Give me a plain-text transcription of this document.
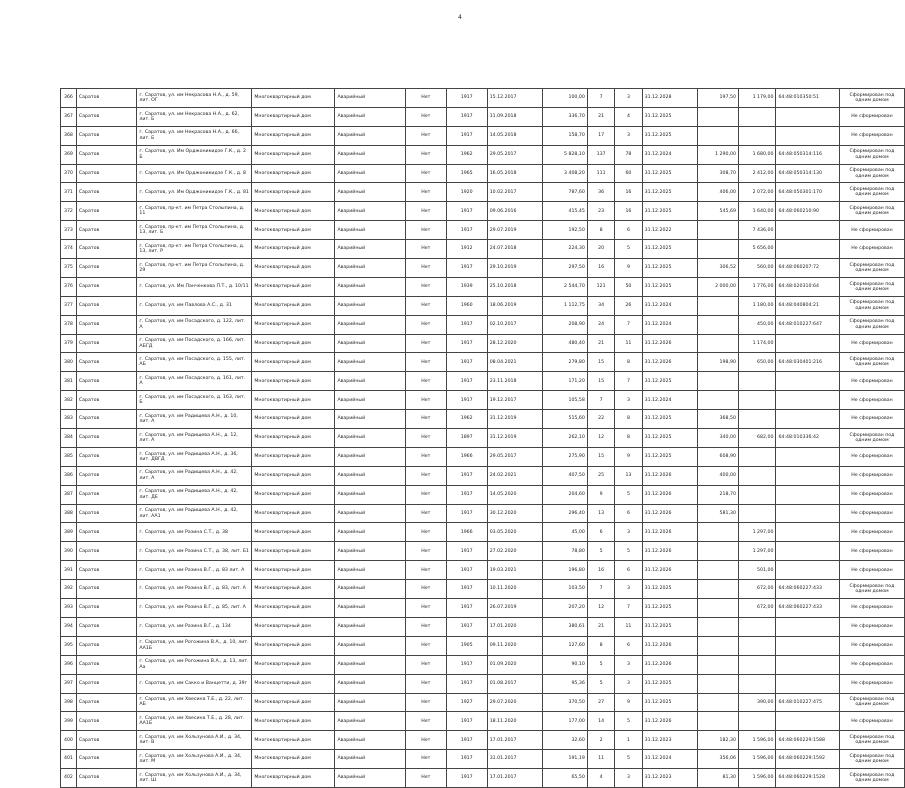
4
366	Саратов	г. Саратов, ул. им Некрасова Н.А., д. 59, лит. ОГ	Многоквартирный дом	Аварийный	Нет	1917	15.12.2017	100,00	7	3	31.12.2028	197,50	1 179,00	64:48:010350:51	Сформирован под одним домом
367	Саратов	г. Саратов, ул. им Некрасова Н.А., д. 62, лит. Б	Многоквартирный дом	Аварийный	Нет	1917	11.09.2018	336,70	21	4	31.12.2025				Не сформирован
368	Саратов	г. Саратов, ул. им Некрасова Н.А., д. 66, лит. Б	Многоквартирный дом	Аварийный	Нет	1917	14.05.2018	158,70	17	3	31.12.2025				Не сформирован
369	Саратов	г. Саратов, ул. Им Орджоникидзе Г.К., д. 2 Б	Многоквартирный дом	Аварийный	Нет	1962	29.05.2017	5 828,10	137	78	31.12.2024	1 290,00	1 680,00	64:48:050314:116	Сформирован под одним домом
370	Саратов	г. Саратов, ул. Им Орджоникидзе Г.К., д. 8	Многоквартирный дом	Аварийный	Нет	1965	16.05.2018	3 408,20	111	60	31.12.2025	308,70	2 412,00	64:48:050314:130	Сформирован под одним домом
371	Саратов	г. Саратов, ул. Им Орджоникидзе Г.К., д. 81	Многоквартирный дом	Аварийный	Нет	1920	10.02.2017	787,60	36	16	31.12.2025	406,00	2 072,00	64:48:050301:170	Сформирован под одним домом
372	Саратов	г. Саратов, пр-кт. им Петра Столыпина, д. 11	Многоквартирный дом	Аварийный	Нет	1917	09.06.2016	415,45	23	16	31.12.2025	545,69	1 640,00	64:48:060210:90	Сформирован под одним домом
373	Саратов	г. Саратов, пр-кт. им Петра Столыпина, д. 13, лит. Б	Многоквартирный дом	Аварийный	Нет	1917	29.07.2019	192,50	8	6	31.12.2022		7 436,00		Не сформирован
374	Саратов	г. Саратов, пр-кт. им Петра Столыпина, д. 13, лит. Р	Многоквартирный дом	Аварийный	Нет	1912	24.07.2018	224,30	20	5	31.12.2025		5 656,00		Не сформирован
375	Саратов	г. Саратов, пр-кт. им Петра Столыпина, д. 29	Многоквартирный дом	Аварийный	Нет	1917	29.10.2019	297,50	16	9	31.12.2025	306,52	560,00	64:48:060207:72	Сформирован под одним домом
376	Саратов	г. Саратов, ул. Им Панченкова П.Т., д. 10/11	Многоквартирный дом	Аварийный	Нет	1939	25.10.2018	2 544,70	121	50	31.12.2025	2 000,00	1 776,00	64:48:020310:64	Сформирован под одним домом
377	Саратов	г. Саратов, ул. им Павлова А.С., д. 31	Многоквартирный дом	Аварийный	Нет	1960	18.06.2019	1 112,75	34	26	31.12.2024		1 180,00	64:48:040804:21	Сформирован под одним домом
378	Саратов	г. Саратов, ул. им Посадского, д. 122, лит. А	Многоквартирный дом	Аварийный	Нет	1917	02.10.2017	208,90	24	7	31.12.2024		450,00	64:48:010227:647	Сформирован под одним домом
379	Саратов	г. Саратов, ул. им Посадского, д. 166, лит. АБГД	Многоквартирный дом	Аварийный	Нет	1917	28.12.2020	480,40	21	11	31.12.2026		1 174,00		Не сформирован
380	Саратов	г. Саратов, ул. им Посадского, д. 155, лит. АБ	Многоквартирный дом	Аварийный	Нет	1917	08.04.2021	279,80	15	8	31.12.2026	198,90	650,00	64:48:030401:216	Сформирован под одним домом
381	Саратов	г. Саратов, ул. им Посадского, д. 161, лит. А	Многоквартирный дом	Аварийный	Нет	1917	23.11.2018	171,20	15	7	31.12.2025				Не сформирован
382	Саратов	г. Саратов, ул. им Посадского, д. 163, лит. Б	Многоквартирный дом	Аварийный	Нет	1917	19.12.2017	105,58	7	3	31.12.2024				Не сформирован
383	Саратов	г. Саратов, ул. им Радищева А.Н., д. 10, лит. А	Многоквартирный дом	Аварийный	Нет	1962	31.12.2019	515,60	22	8	31.12.2025	368,50			Не сформирован
384	Саратов	г. Саратов, ул. им Радищева А.Н., д. 12, лит. А	Многоквартирный дом	Аварийный	Нет	1897	31.12.2019	262,10	12	8	31.12.2025	340,00	682,00	64:48:010336:42	Сформирован под одним домом
385	Саратов	г. Саратов, ул. им Радищева А.Н., д. 36, лит. ДВГД	Многоквартирный дом	Аварийный	Нет	1966	29.05.2017	275,90	15	9	31.12.2025	608,90			Не сформирован
386	Саратов	г. Саратов, ул. им Радищева А.Н., д. 42, лит. А	Многоквартирный дом	Аварийный	Нет	1917	24.02.2021	407,50	25	13	31.12.2026	400,00			Не сформирован
387	Саратов	г. Саратов, ул. им Радищева А.Н., д. 42, лит. ДЕ	Многоквартирный дом	Аварийный	Нет	1917	14.05.2020	204,60	9	5	31.12.2026	218,70			Не сформирован
388	Саратов	г. Саратов, ул. им Радищева А.Н., д. 42, лит. АА1	Многоквартирный дом	Аварийный	Нет	1917	30.12.2020	296,40	13	6	31.12.2026	581,30			Не сформирован
389	Саратов	г. Саратов, ул. им Разина С.Т., д. 38	Многоквартирный дом	Аварийный	Нет	1966	03.05.2020	45,00	6	3	31.12.2026		1 297,00		Не сформирован
390	Саратов	г. Саратов, ул. им Разина С.Т., д. 38, лит. Б1	Многоквартирный дом	Аварийный	Нет	1917	27.02.2020	78,80	5	5	31.12.2026		1 297,00		Не сформирован
391	Саратов	г. Саратов, ул. им Разина В.Г., д. 83 лит. А	Многоквартирный дом	Аварийный	Нет	1917	19.03.2021	196,80	16	6	31.12.2026		501,00		Не сформирован
392	Саратов	г. Саратов, ул. им Разина В.Г., д. 83, лит. А	Многоквартирный дом	Аварийный	Нет	1917	10.11.2020	103,50	7	3	31.12.2025		672,00	64:48:060227:433	Сформирован под одним домом
393	Саратов	г. Саратов, ул. им Разина В.Г., д. 85, лит. А	Многоквартирный дом	Аварийный	Нет	1917	26.07.2019	207,20	12	7	31.12.2025		672,00	64:48:060227:433	Не сформирован
394	Саратов	г. Саратов, ул. им Разина В.Г., д. 134	Многоквартирный дом	Аварийный	Нет	1917	17.01.2020	380,61	21	11	31.12.2025				Не сформирован
395	Саратов	г. Саратов, ул. им Рогожина В.А., д. 10, лит. АА1Б	Многоквартирный дом	Аварийный	Нет	1905	09.11.2020	127,60	8	6	31.12.2026				Не сформирован
396	Саратов	г. Саратов, ул. им Рогожина В.А., д. 13, лит. Аа	Многоквартирный дом	Аварийный	Нет	1917	01.09.2020	90,10	5	3	31.12.2026				Не сформирован
397	Саратов	г. Саратов, ул. им Сакко и Ванцетти, д. 39г	Многоквартирный дом	Аварийный	Нет	1917	01.08.2017	95,36	5	3	31.12.2025				Не сформирован
398	Саратов	г. Саратов, ул. им Хвесина Т.Е., д. 22, лит. АБ	Многоквартирный дом	Аварийный	Нет	1927	29.07.2020	370,50	27	9	31.12.2025		390,00	64:48:010227:475	Сформирован под одним домом
399	Саратов	г. Саратов, ул. им Хвесина Т.Е., д. 28, лит. АА1Б	Многоквартирный дом	Аварийный	Нет	1917	18.11.2020	177,00	14	5	31.12.2026				Не сформирован
400	Саратов	г. Саратов, ул. им Хользунова А.И., д. 34, лит. В	Многоквартирный дом	Аварийный	Нет	1917	17.01.2017	32,60	2	1	31.12.2023	182,30	1 596,00	64:48:060229:1588	Сформирован под одним домом
401	Саратов	г. Саратов, ул. им Хользунова А.И., д. 34, лит. М	Многоквартирный дом	Аварийный	Нет	1917	31.01.2017	191,19	11	5	31.12.2024	356,06	1 596,00	64:48:060229:1592	Сформирован под одним домом
402	Саратов	г. Саратов, ул. им Хользунова А.И., д. 34, лит. Ш	Многоквартирный дом	Аварийный	Нет	1917	17.01.2017	65,50	4	3	31.12.2023	81,30	1 596,00	64:48:060229:1528	Сформирован под одним домом
